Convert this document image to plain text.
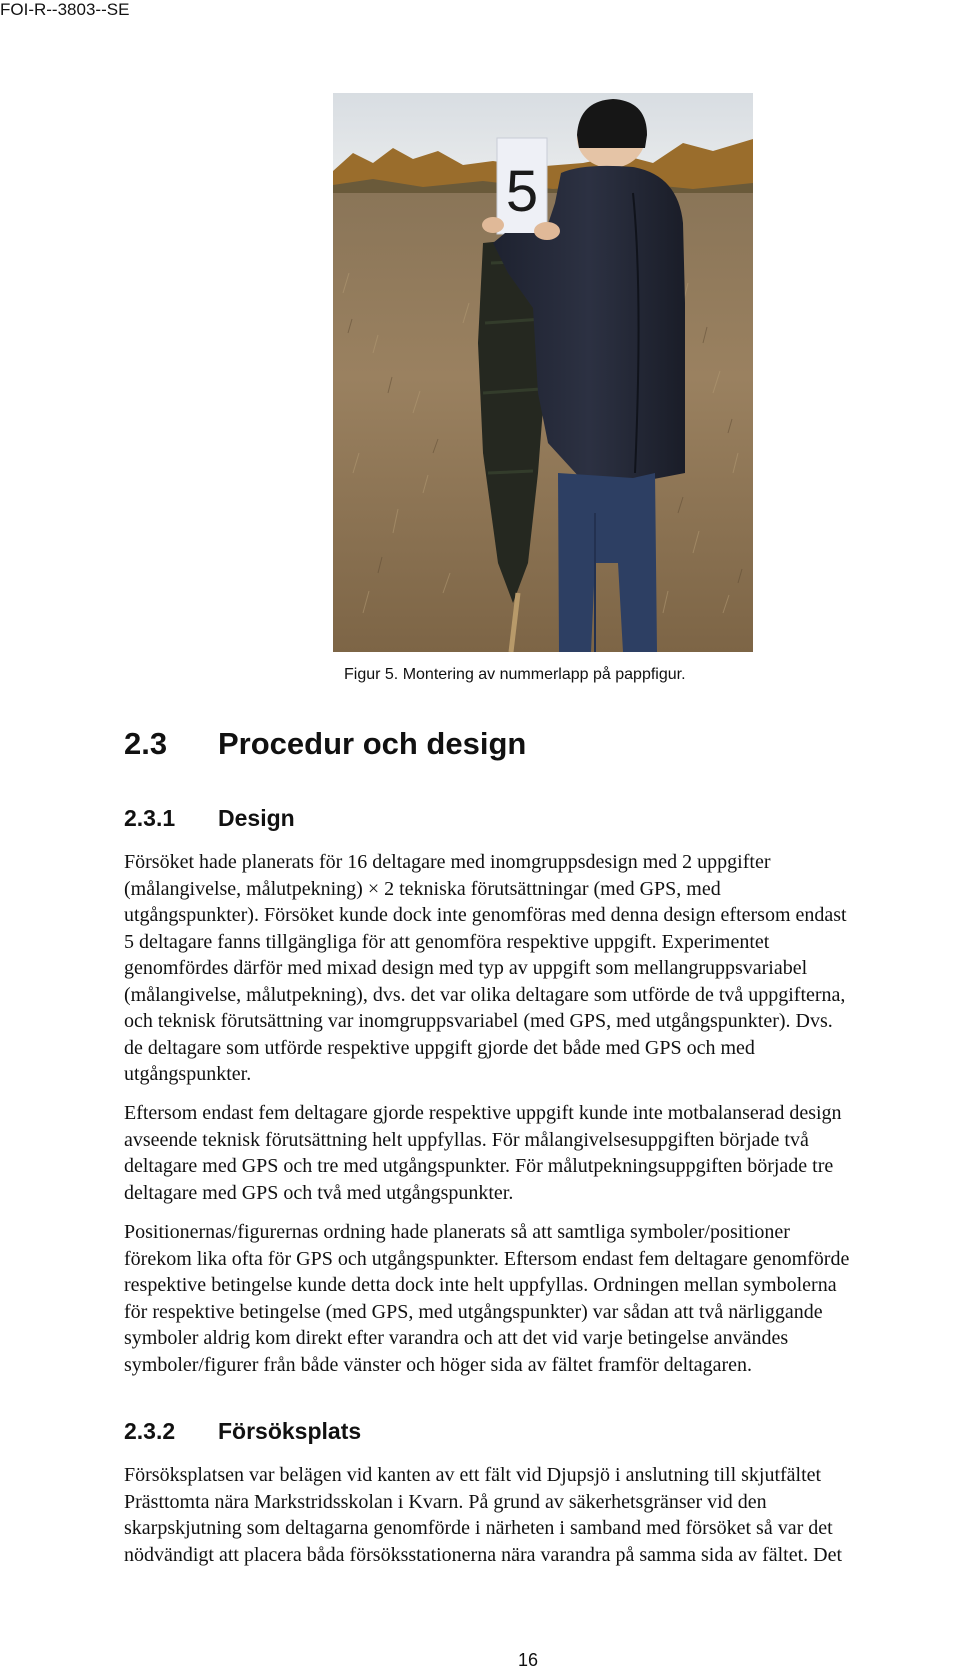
FOI-R--3803--SE
5
Figur 5. Montering av nummerlapp på pappfigur.
2.3	Procedur och design
2.3.1	Design

Försöket hade planerats för 16 deltagare med inomgruppsdesign med 2 uppgifter
(målangivelse, målutpekning) × 2 tekniska förutsättningar (med GPS, med
utgångspunkter). Försöket kunde dock inte genomföras med denna design eftersom endast
5 deltagare fanns tillgängliga för att genomföra respektive uppgift. Experimentet
genomfördes därför med mixad design med typ av uppgift som mellangruppsvariabel
(målangivelse, målutpekning), dvs. det var olika deltagare som utförde de två uppgifterna,
och teknisk förutsättning var inomgruppsvariabel (med GPS, med utgångspunkter). Dvs.
de deltagare som utförde respektive uppgift gjorde det både med GPS och med
utgångspunkter.

Eftersom endast fem deltagare gjorde respektive uppgift kunde inte motbalanserad design
avseende teknisk förutsättning helt uppfyllas. För målangivelsesuppgiften började två
deltagare med GPS och tre med utgångspunkter. För målutpekningsuppgiften började tre
deltagare med GPS och två med utgångspunkter.

Positionernas/figurernas ordning hade planerats så att samtliga symboler/positioner
förekom lika ofta för GPS och utgångspunkter. Eftersom endast fem deltagare genomförde
respektive betingelse kunde detta dock inte helt uppfyllas. Ordningen mellan symbolerna
för respektive betingelse (med GPS, med utgångspunkter) var sådan att två närliggande
symboler aldrig kom direkt efter varandra och att det vid varje betingelse användes
symboler/figurer från både vänster och höger sida av fältet framför deltagaren.

2.3.2	Försöksplats

Försöksplatsen var belägen vid kanten av ett fält vid Djupsjö i anslutning till skjutfältet
Prästtomta nära Markstridsskolan i Kvarn. På grund av säkerhetsgränser vid den
skarpskjutning som deltagarna genomförde i närheten i samband med försöket så var det
nödvändigt att placera båda försöksstationerna nära varandra på samma sida av fältet. Det

16
